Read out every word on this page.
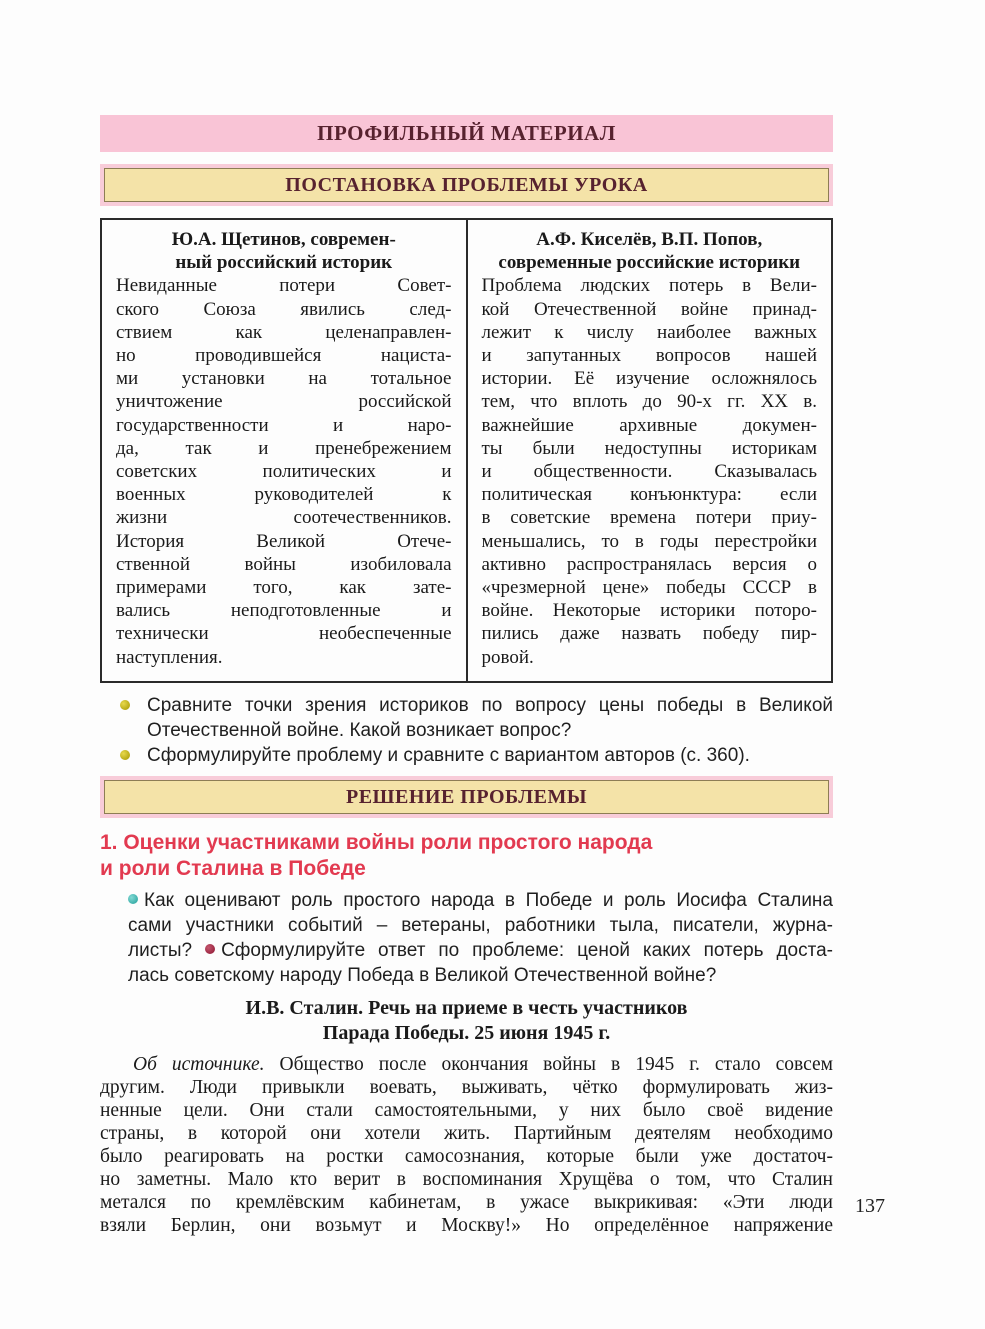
ПРОФИЛЬНЫЙ МАТЕРИАЛ
ПОСТАНОВКА ПРОБЛЕМЫ УРОКА
Ю.А. Щетинов, современ-
ный российский историк
Невиданные потери Совет-
ского Союза явились след-
ствием как целенаправлен-
но проводившейся нациста-
ми установки на тотальное
уничтожение российской
государственности и наро-
да, так и пренебрежением
советских политических и
военных руководителей к
жизни соотечественников.
История Великой Отече-
ственной войны изобиловала
примерами того, как зате-
вались неподготовленные и
технически необеспеченные
наступления.

А.Ф. Киселёв, В.П. Попов,
современные российские историки
Проблема людских потерь в Вели-
кой Отечественной войне принад-
лежит к числу наиболее важных
и запутанных вопросов нашей
истории. Её изучение осложнялось
тем, что вплоть до 90-х гг. XX в.
важнейшие архивные докумен-
ты были недоступны историкам
и общественности. Сказывалась
политическая конъюнктура: если
в советские времена потери приу-
меньшались, то в годы перестройки
активно распространялась версия о
«чрезмерной цене» победы СССР в
войне. Некоторые историки поторо-
пились даже назвать победу пир-
ровой.
Сравните точки зрения историков по вопросу цены победы в Великой
Отечественной войне. Какой возникает вопрос?
Сформулируйте проблему и сравните с вариантом авторов (с. 360).
РЕШЕНИЕ ПРОБЛЕМЫ
1. Оценки участниками войны роли простого народа
и роли Сталина в Победе
Как оценивают роль простого народа в Победе и роль Иосифа Сталина
сами участники событий – ветераны, работники тыла, писатели, журна-
листы? Сформулируйте ответ по проблеме: ценой каких потерь доста-
лась советскому народу Победа в Великой Отечественной войне?
И.В. Сталин. Речь на приеме в честь участников
Парада Победы. 25 июня 1945 г.
Об источнике. Общество после окончания войны в 1945 г. стало совсем
другим. Люди привыкли воевать, выживать, чётко формулировать жиз-
ненные цели. Они стали самостоятельными, у них было своё видение
страны, в которой они хотели жить. Партийным деятелям необходимо
было реагировать на ростки самосознания, которые были уже достаточ-
но заметны. Мало кто верит в воспоминания Хрущёва о том, что Сталин
метался по кремлёвским кабинетам, в ужасе выкрикивая: «Эти люди
взяли Берлин, они возьмут и Москву!» Но определённое напряжение
137
